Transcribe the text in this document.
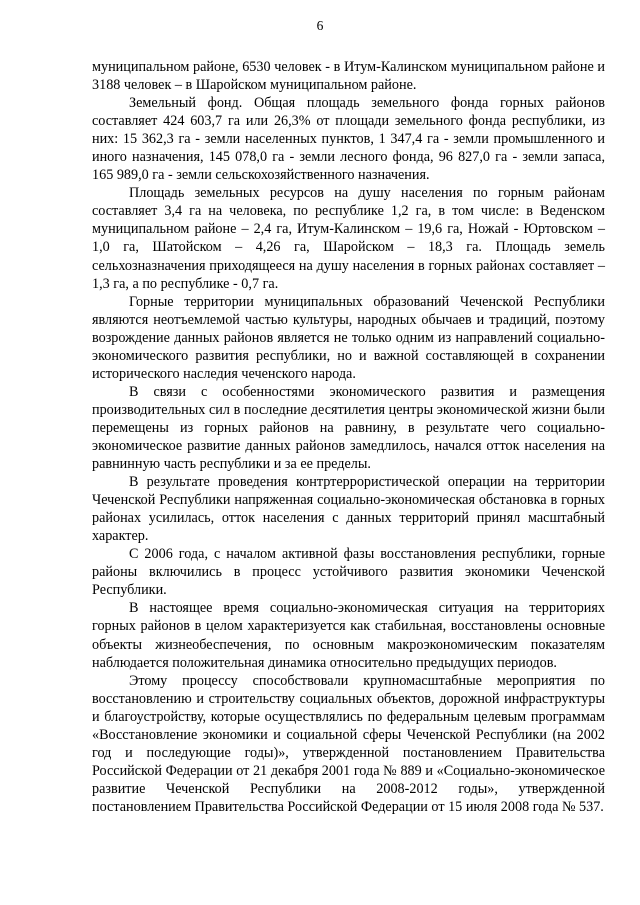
6

муниципальном районе, 6530 человек - в Итум-Калинском муниципальном районе и 3188 человек – в Шаройском муниципальном районе.

Земельный фонд. Общая площадь земельного фонда горных районов составляет 424 603,7 га или 26,3% от площади земельного фонда республики, из них: 15 362,3 га - земли населенных пунктов, 1 347,4 га - земли промышленного и иного назначения, 145 078,0 га - земли лесного фонда, 96 827,0 га - земли запаса, 165 989,0 га - земли сельскохозяйственного назначения.

Площадь земельных ресурсов на душу населения по горным районам составляет 3,4 га на человека, по республике 1,2 га, в том числе: в Веденском муниципальном районе – 2,4 га, Итум-Калинском – 19,6 га, Ножай - Юртовском – 1,0 га, Шатойском – 4,26 га, Шаройском – 18,3 га. Площадь земель сельхозназначения приходящееся на душу населения в горных районах составляет – 1,3 га, а по республике - 0,7 га.

Горные территории муниципальных образований Чеченской Республики являются неотъемлемой частью культуры, народных обычаев и традиций, поэтому возрождение данных районов является не только одним из направлений социально-экономического развития республики, но и важной составляющей в сохранении исторического наследия чеченского народа.

В связи с особенностями экономического развития и размещения производительных сил в последние десятилетия центры экономической жизни были перемещены из горных районов на равнину, в результате чего социально-экономическое развитие данных районов замедлилось, начался отток населения на равнинную часть республики и за ее пределы.

В результате проведения контртеррористической операции на территории Чеченской Республики напряженная социально-экономическая обстановка в горных районах усилилась, отток населения с данных территорий принял масштабный характер.

С 2006 года, с началом активной фазы восстановления республики, горные районы включились в процесс устойчивого развития экономики Чеченской Республики.

В настоящее время социально-экономическая ситуация на территориях горных районов в целом характеризуется как стабильная, восстановлены основные объекты жизнеобеспечения, по основным макроэкономическим показателям наблюдается положительная динамика относительно предыдущих периодов.

Этому процессу способствовали крупномасштабные мероприятия по восстановлению и строительству социальных объектов, дорожной инфраструктуры и благоустройству, которые осуществлялись по федеральным целевым программам «Восстановление экономики и социальной сферы Чеченской Республики (на 2002 год и последующие годы)», утвержденной постановлением Правительства Российской Федерации от 21 декабря 2001 года № 889 и «Социально-экономическое развитие Чеченской Республики на 2008-2012 годы», утвержденной постановлением Правительства Российской Федерации от 15 июля 2008 года № 537.
